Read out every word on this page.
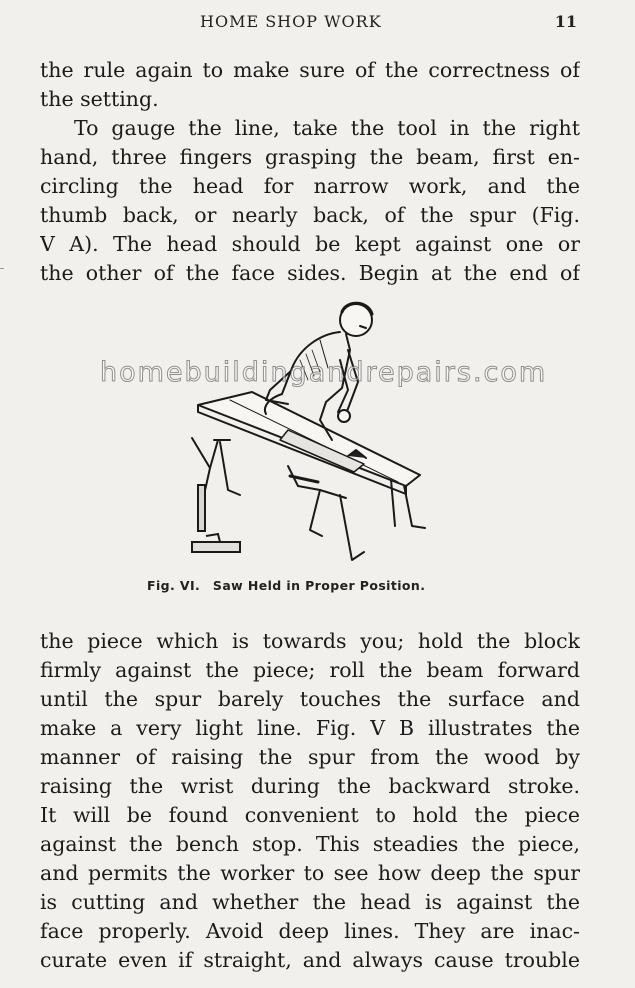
HOME SHOP WORK	11

the rule again to make sure of the correctness of
the setting.

To gauge the line, take the tool in the right
hand, three fingers grasping the beam, first en-
circling the head for narrow work, and the
thumb back, or nearly back, of the spur (Fig.
V A). The head should be kept against one or
the other of the face sides. Begin at the end of

homebuildingandrepairs.com
Fig. VI. Saw Held in Proper Position.

the piece which is towards you; hold the block
firmly against the piece; roll the beam forward
until the spur barely touches the surface and
make a very light line. Fig. V B illustrates the
manner of raising the spur from the wood by
raising the wrist during the backward stroke.
It will be found convenient to hold the piece
against the bench stop. This steadies the piece,
and permits the worker to see how deep the spur
is cutting and whether the head is against the
face properly. Avoid deep lines. They are inac-
curate even if straight, and always cause trouble
